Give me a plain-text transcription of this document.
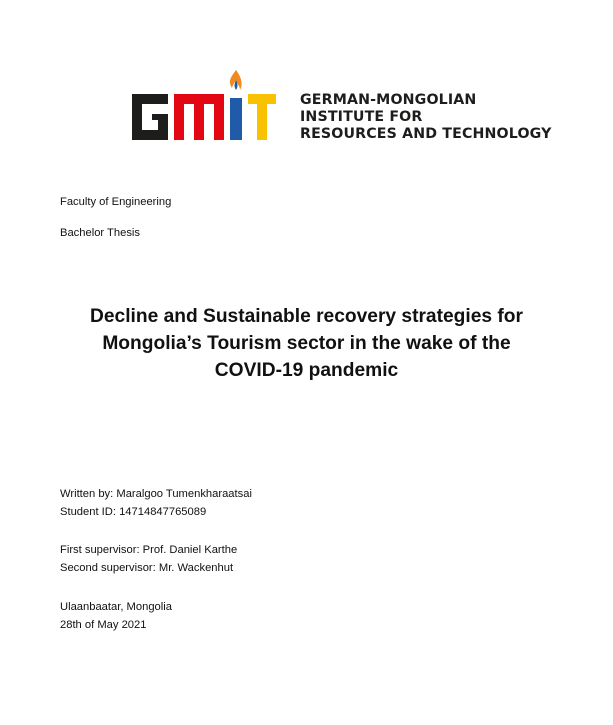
GERMAN-MONGOLIAN
INSTITUTE FOR
RESOURCES AND TECHNOLOGY
Faculty of Engineering
Bachelor Thesis
Decline and Sustainable recovery strategies for
Mongolia’s Tourism sector in the wake of the
COVID-19 pandemic
Written by: Maralgoo Tumenkharaatsai
Student ID: 14714847765089
First supervisor: Prof. Daniel Karthe
Second supervisor: Mr. Wackenhut
Ulaanbaatar, Mongolia
28th of May 2021
